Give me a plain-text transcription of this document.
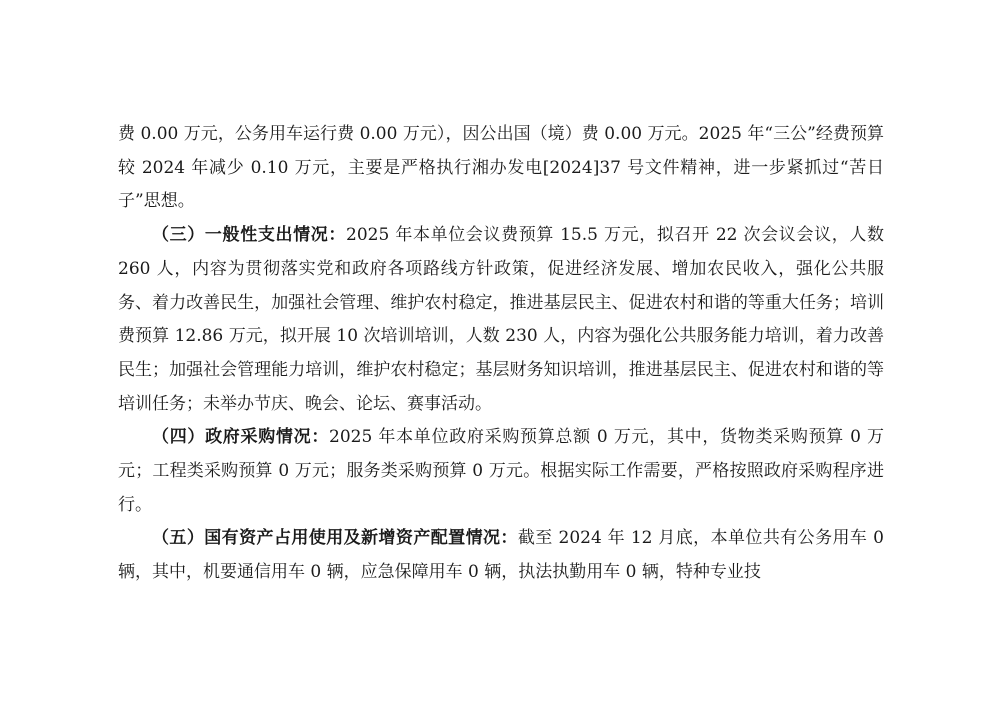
费 0.00 万元，公务用车运行费 0.00 万元），因公出国（境）费 0.00 万元。2025 年“三公”经费预算较 2024 年减少 0.10 万元，主要是严格执行湘办发电[2024]37 号文件精神，进一步紧抓过“苦日子”思想。

（三）一般性支出情况：2025 年本单位会议费预算 15.5 万元，拟召开 22 次会议会议，人数 260 人，内容为贯彻落实党和政府各项路线方针政策，促进经济发展、增加农民收入，强化公共服务、着力改善民生，加强社会管理、维护农村稳定，推进基层民主、促进农村和谐的等重大任务；培训费预算 12.86 万元，拟开展 10 次培训培训，人数 230 人，内容为强化公共服务能力培训，着力改善民生；加强社会管理能力培训，维护农村稳定；基层财务知识培训，推进基层民主、促进农村和谐的等培训任务；未举办节庆、晚会、论坛、赛事活动。

（四）政府采购情况：2025 年本单位政府采购预算总额 0 万元，其中，货物类采购预算 0 万元；工程类采购预算 0 万元；服务类采购预算 0 万元。根据实际工作需要，严格按照政府采购程序进行。

（五）国有资产占用使用及新增资产配置情况：截至 2024 年 12 月底，本单位共有公务用车 0 辆，其中，机要通信用车 0 辆，应急保障用车 0 辆，执法执勤用车 0 辆，特种专业技
